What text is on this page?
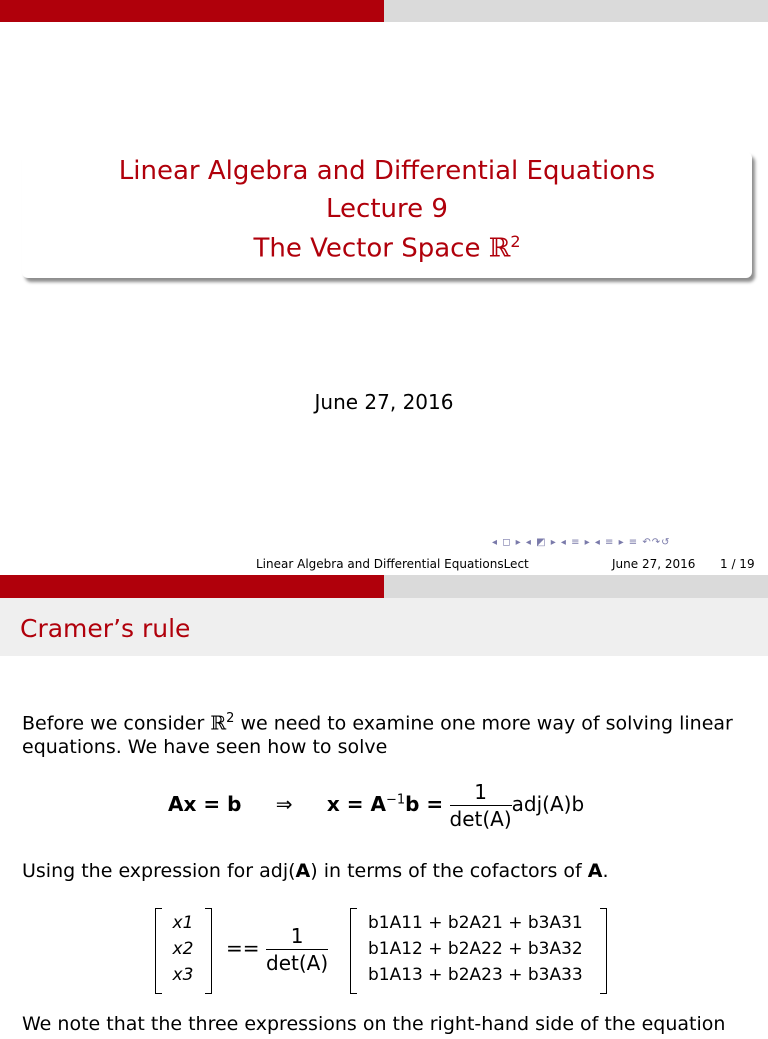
Linear Algebra and Differential Equations
Lecture 9
The Vector Space ℝ$^2$
June 27, 2016
◂ ◻ ▸ ◂ ◩ ▸ ◂ ≡ ▸ ◂ ≡ ▸ ≡ ↶↷↺
Linear Algebra and Differential EquationsLect	June 27, 2016 1 / 19
Cramer’s rule
Before we consider ℝ$^2$ we need to examine one more way of solving linear
equations. We have seen how to solve
Ax = b ⇒ $x = A^{-1}b = \frac{1}{\det(A)} adj(A)b$
Using the expression for adj(A) in terms of the cofactors of A.
x1
x2
x3
== $\frac{1}{\det(A)}$
b1A11 + b2A21 + b3A31
b1A12 + b2A22 + b3A32
b1A13 + b2A23 + b3A33
We note that the three expressions on the right-hand side of the equation
